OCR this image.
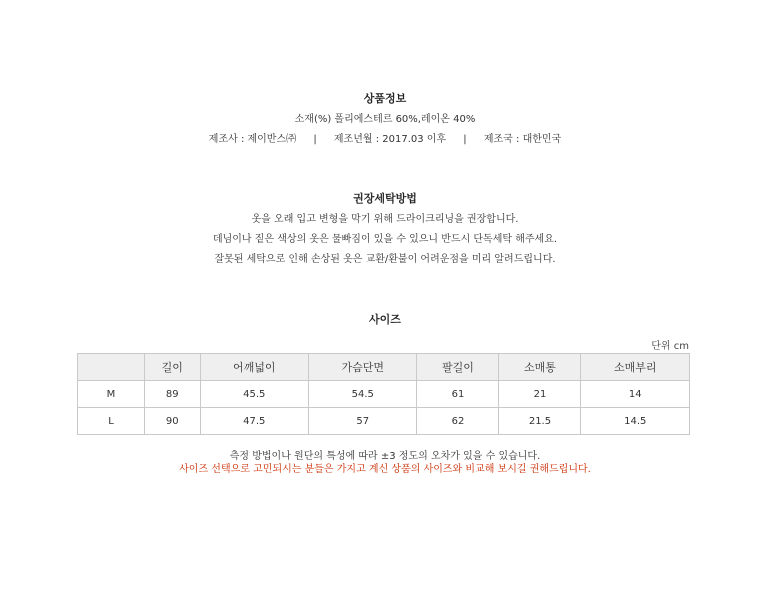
상품정보
소재(%) 폴리에스테르 60%,레이온 40%
제조사 : 제이반스㈜ | 제조년월 : 2017.03 이후 | 제조국 : 대한민국
권장세탁방법
옷을 오래 입고 변형을 막기 위해 드라이크리닝을 권장합니다.
데님이나 짙은 색상의 옷은 물빠짐이 있을 수 있으니 반드시 단독세탁 해주세요.
잘못된 세탁으로 인해 손상된 옷은 교환/환불이 어려운점을 미리 알려드립니다.
사이즈
단위 cm
	길이	어깨넓이	가슴단면	팔길이	소매통	소매부리
M	89	45.5	54.5	61	21	14
L	90	47.5	57	62	21.5	14.5
측정 방법이나 원단의 특성에 따라 ±3 정도의 오차가 있을 수 있습니다.
사이즈 선택으로 고민되시는 분들은 가지고 계신 상품의 사이즈와 비교해 보시길 권해드립니다.
